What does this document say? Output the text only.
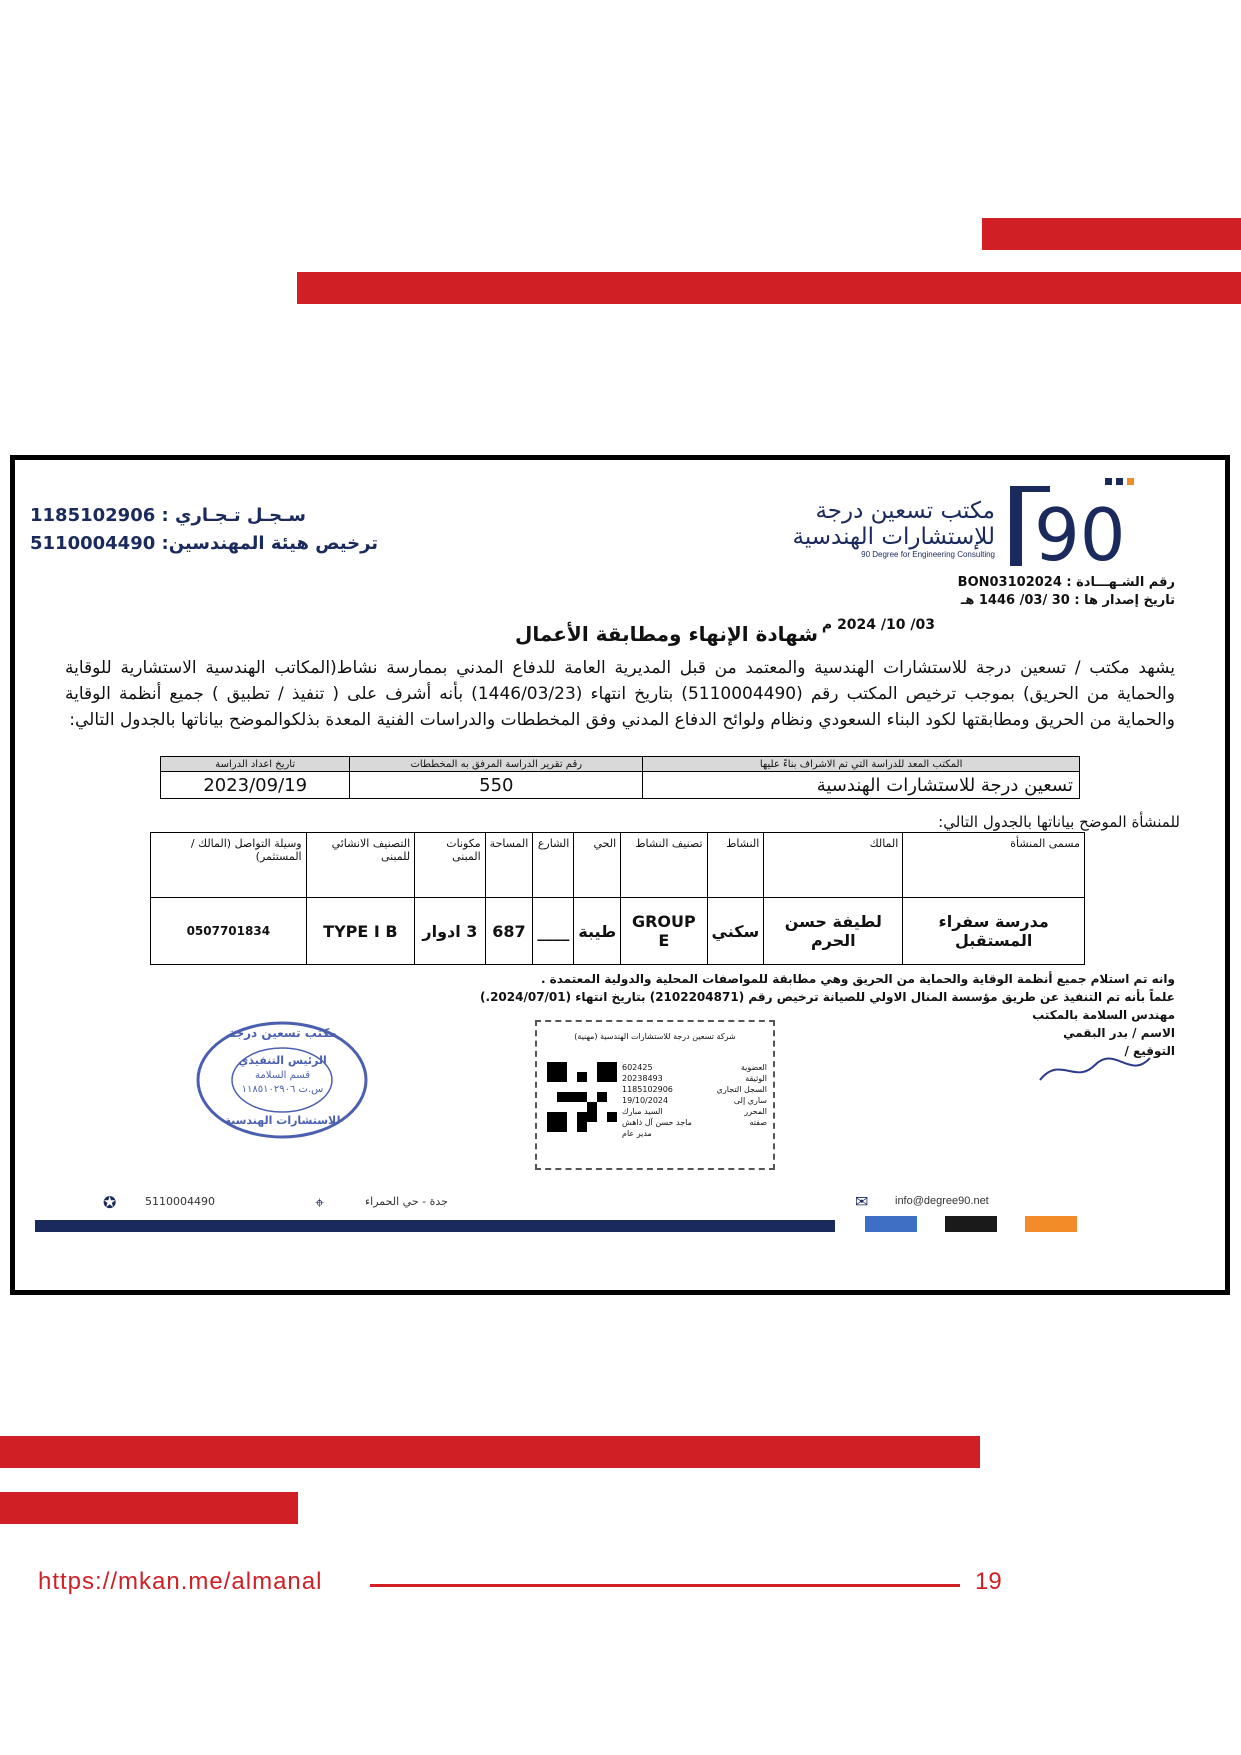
سـجـل تـجـاري : 1185102906
ترخيص هيئة المهندسين: 5110004490
مكتب تسعين درجة
للإستشارات الهندسية
90 Degree for Engineering Consulting 90
رقم الشـهـــادة : BON03102024
تاريخ إصدار ها : 30 /03/ 1446 هـ
03/ 10/ 2024 م
شهادة الإنهاء ومطابقة الأعمال
يشهد مكتب / تسعين درجة للاستشارات الهندسية والمعتمد من قبل المديرية العامة للدفاع المدني بممارسة نشاط(المكاتب الهندسية الاستشارية للوقاية والحماية من الحريق) بموجب ترخيص المكتب رقم (5110004490) بتاريخ انتهاء (1446/03/23) بأنه أشرف على ( تنفيذ / تطبيق ) جميع أنظمة الوقاية والحماية من الحريق ومطابقتها لكود البناء السعودي ونظام ولوائح الدفاع المدني وفق المخططات والدراسات الفنية المعدة بذلكوالموضح بياناتها بالجدول التالي:
المكتب المعد للدراسة التي تم الاشراف بناءً عليها	رقم تقرير الدراسة المرفق به المخططات	تاريخ اعداد الدراسة
تسعين درجة للاستشارات الهندسية	550	2023/09/19
للمنشأة الموضح بياناتها بالجدول التالي:
مسمى المنشأة	المالك	النشاط	تصنيف النشاط	الحي	الشارع	المساحة	مكونات المبنى	التصنيف الانشائي للمبنى	وسيلة التواصل (المالك / المستثمر)
مدرسة سفراء المستقبل	لطيفة حسن الحرم	سكني	GROUP E	طيبة	____	687	3 ادوار	TYPE I B	0507701834
وانه تم استلام جميع أنظمة الوقاية والحماية من الحريق وهي مطابقة للمواصفات المحلية والدولية المعتمدة .
علماً بأنه تم التنفيذ عن طريق مؤسسة المنال الاولي للصيانة ترخيص رقم (2102204871) بتاريخ انتهاء (2024/07/01.)
مهندس السلامة بالمكتب
الاسم / بدر البقمي
التوقيع /
مكتب تسعين درجة
الرئيس التنفيذي
قسم السلامة
س.ت ١١٨٥١٠٢٩٠٦
للاستشارات الهندسية
شركة تسعين درجة للاستشارات الهندسية (مهنية)
602425	العضوية
20238493	الوثيقة
1185102906	السجل التجاري
19/10/2024	ساري إلى
السيد مبارك	المحرر
ماجد حسن آل ذاهش	صفته
مدير عام
✪	5110004490	⌖	جدة - حي الحمراء	✉ info@degree90.net
https://mkan.me/almanal	19
